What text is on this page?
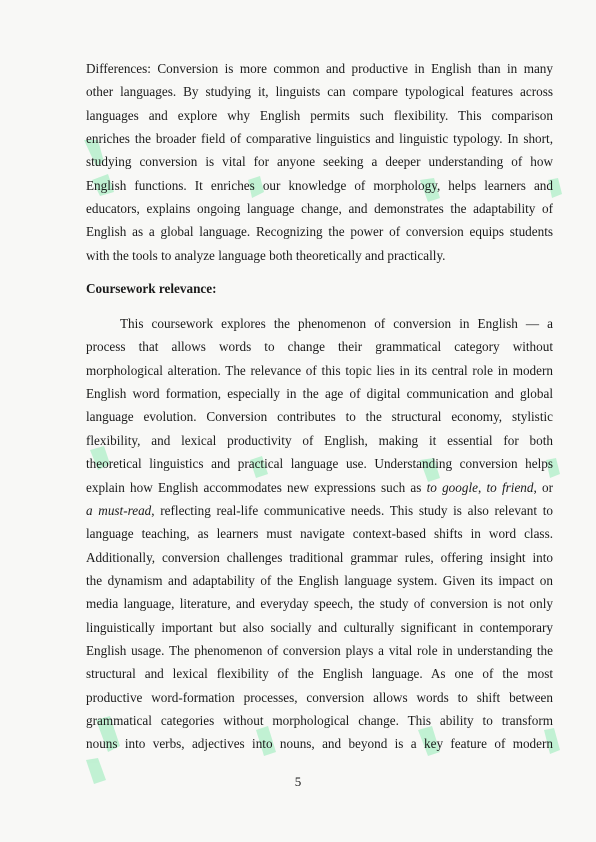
Differences: Conversion is more common and productive in English than in many
other languages. By studying it, linguists can compare typological features across
languages and explore why English permits such flexibility. This comparison
enriches the broader field of comparative linguistics and linguistic typology. In short,
studying conversion is vital for anyone seeking a deeper understanding of how
English functions. It enriches our knowledge of morphology, helps learners and
educators, explains ongoing language change, and demonstrates the adaptability of
English as a global language. Recognizing the power of conversion equips students
with the tools to analyze language both theoretically and practically.
Coursework relevance:
This coursework explores the phenomenon of conversion in English — a
process that allows words to change their grammatical category without
morphological alteration. The relevance of this topic lies in its central role in modern
English word formation, especially in the age of digital communication and global
language evolution. Conversion contributes to the structural economy, stylistic
flexibility, and lexical productivity of English, making it essential for both
theoretical linguistics and practical language use. Understanding conversion helps
explain how English accommodates new expressions such as to google, to friend, or
a must-read, reflecting real-life communicative needs. This study is also relevant to
language teaching, as learners must navigate context-based shifts in word class.
Additionally, conversion challenges traditional grammar rules, offering insight into
the dynamism and adaptability of the English language system. Given its impact on
media language, literature, and everyday speech, the study of conversion is not only
linguistically important but also socially and culturally significant in contemporary
English usage. The phenomenon of conversion plays a vital role in understanding the
structural and lexical flexibility of the English language. As one of the most
productive word-formation processes, conversion allows words to shift between
grammatical categories without morphological change. This ability to transform
nouns into verbs, adjectives into nouns, and beyond is a key feature of modern
5
